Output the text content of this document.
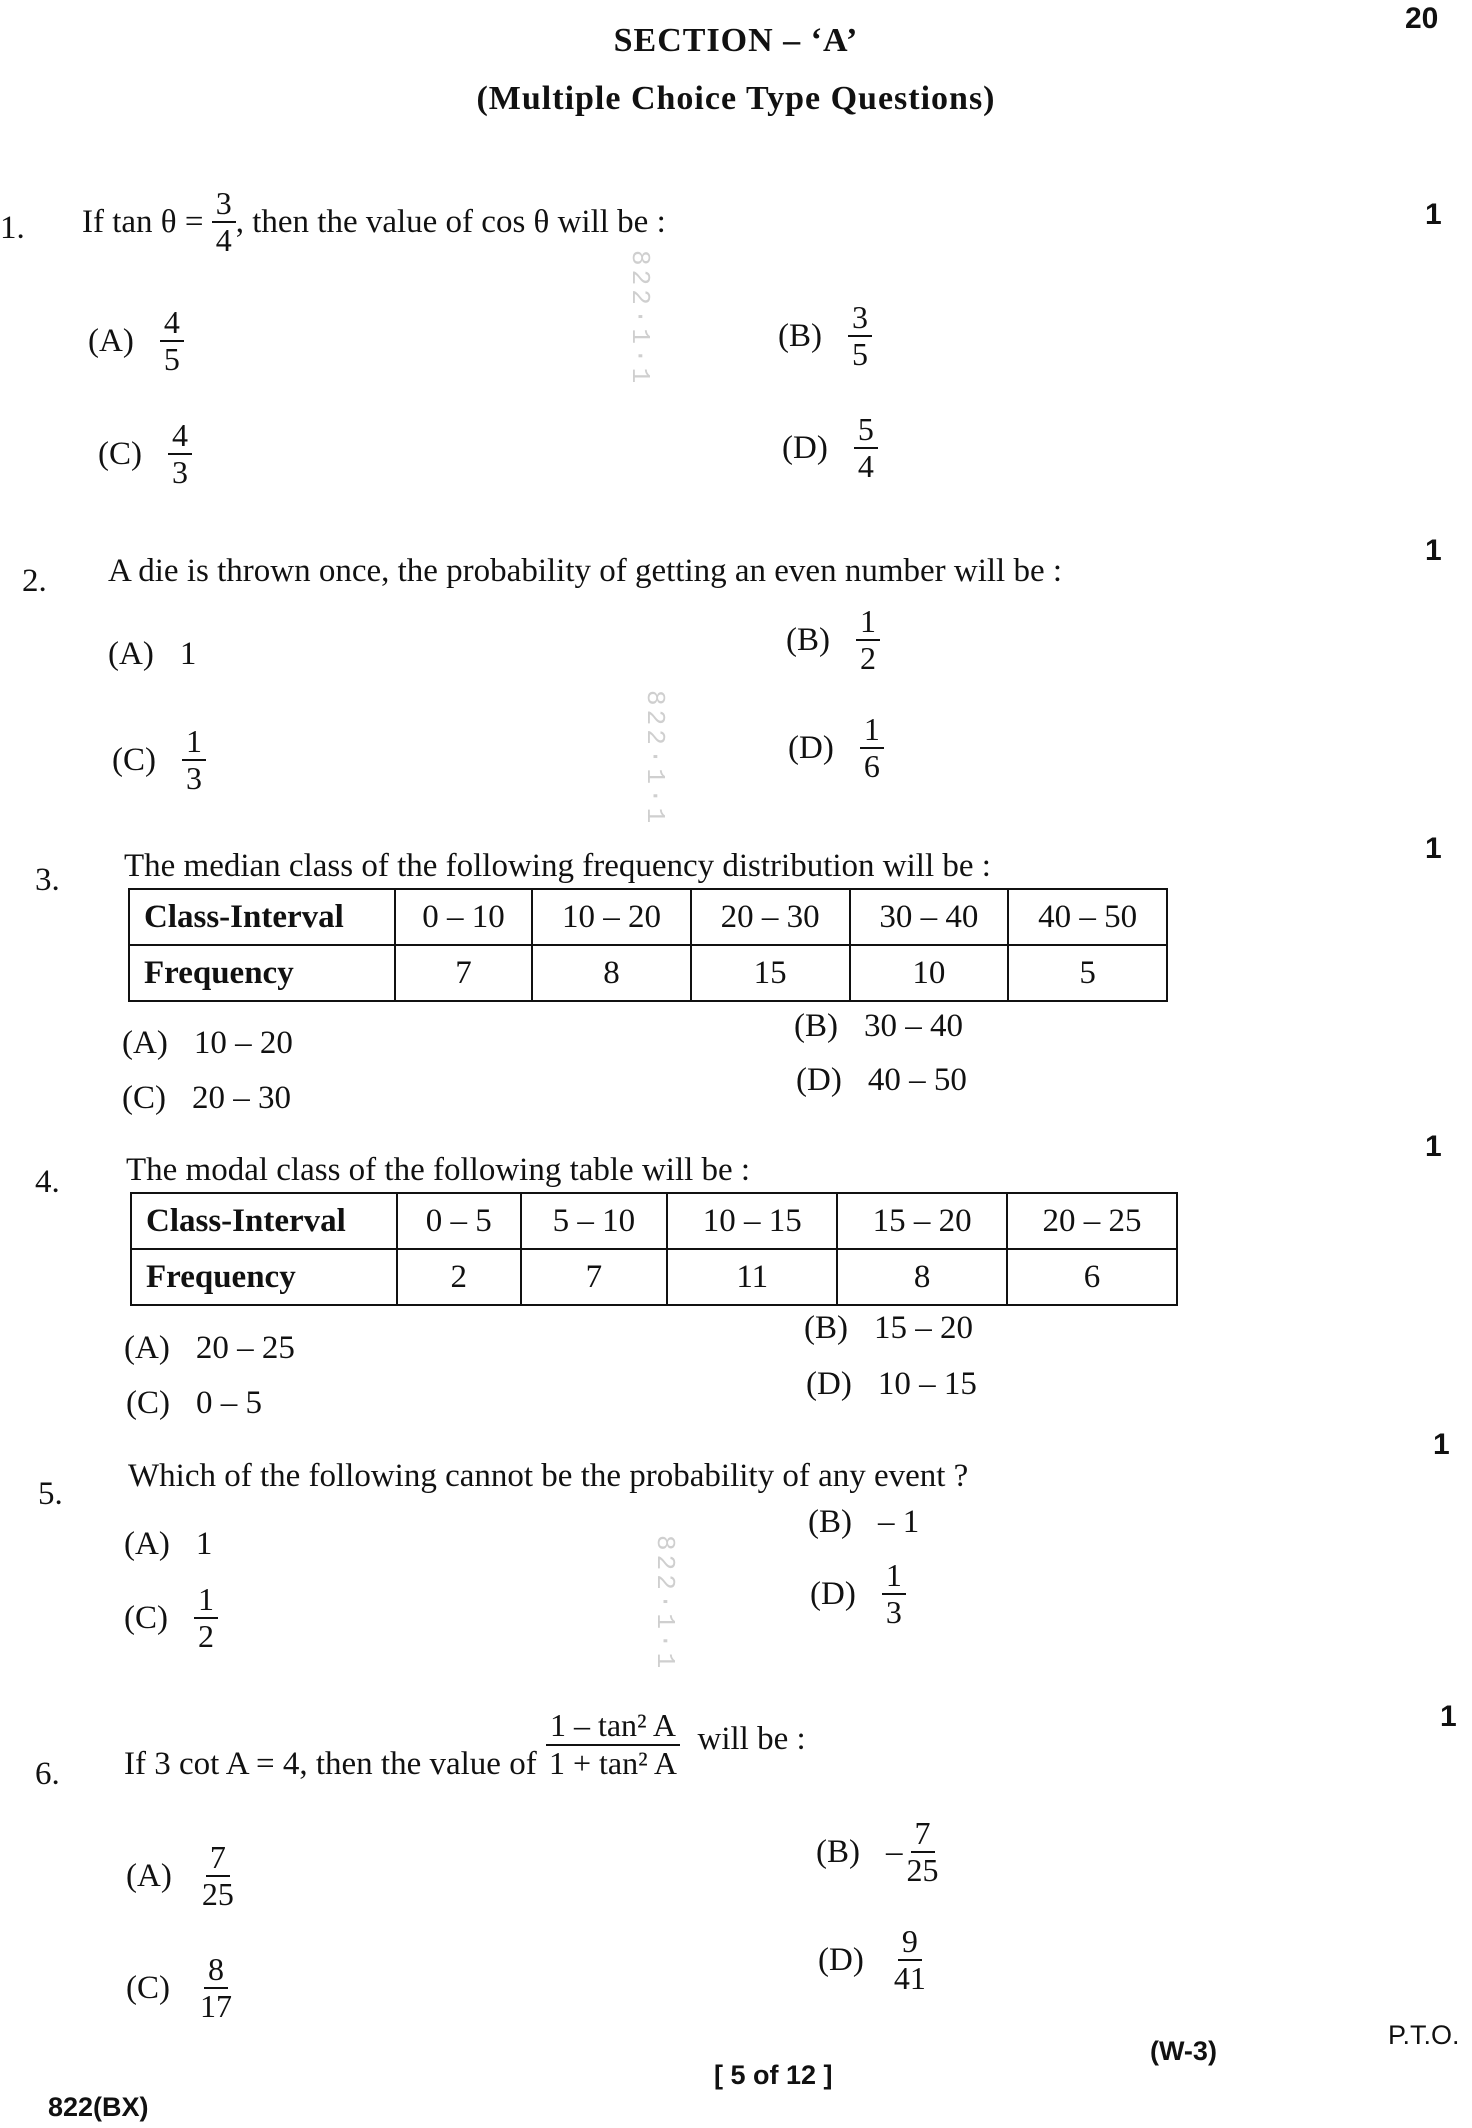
SECTION – ‘A’
(Multiple Choice Type Questions)
20
822·1·1
822·1·1
822·1·1
1. If tan θ =
$\frac{3}{4}$ , then the value of cos θ will be :	1
$(A) \frac{4}{5}$	$(B) \frac{3}{5}$
$(C) \frac{4}{3}$	$(D) \frac{5}{4}$
2. A die is thrown once, the probability of getting an even number will be :
1
(A) 1	$(B) \frac{1}{2}$
$(C) \frac{1}{3}$	$(D) \frac{1}{6}$
3. The median class of the following frequency distribution will be :	1
Class-Interval	0 – 10	10 – 20	20 – 30	30 – 40	40 – 50
Frequency	7	8	15	10	5
(A) 10 – 20	(B) 30 – 40
(C) 20 – 30	(D) 40 – 50
4. The modal class of the following table will be :
1
Class-Interval	0 – 5	5 – 10	10 – 15	15 – 20	20 – 25
Frequency	2	7	11	8	6
(A) 20 – 25
(B) 15 – 20
(C) 0 – 5
(D) 10 – 15
5. Which of the following cannot be the probability of any event ?
1
(A) 1
(B) – 1
$(C) \frac{1}{2}$	$(D) \frac{1}{3}$
6. If 3 cot A = 4, then the value of
$\frac{\text{1 – tan² A}}{\text{1 + tan² A}}$
will be :
1
$(A) \frac{7}{25}$	$(B) - \frac{7}{25}$
$(C) \frac{8}{17}$	$(D) \frac{9}{41}$
(W-3)
P.T.O.
[ 5 of 12 ]
822(BX)
